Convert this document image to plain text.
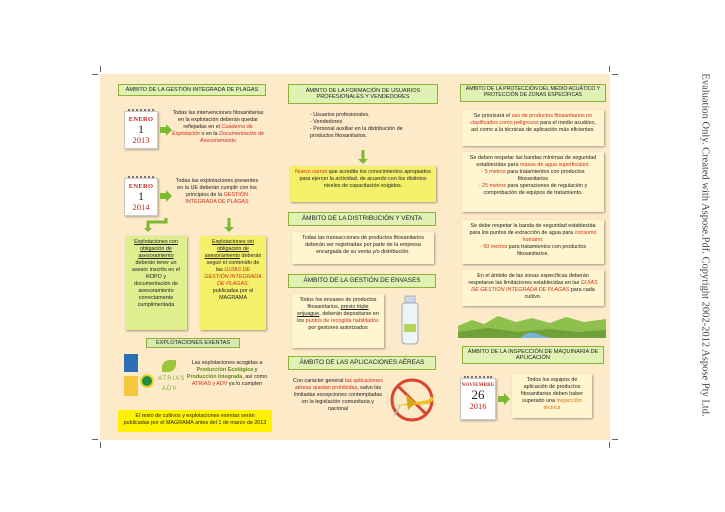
Evaluation Only. Created with Aspose.Pdf. Copyright 2002-2012 Aspose Pty Ltd.
ÁMBITO DE LA GESTIÓN INTEGRADA DE PLAGAS
ENERO
1
2013
Todas las intervenciones fitosanitarias en la explotación deberán quedar reflejadas en el Cuaderno de Explotación o en la Documentación de Asesoramiento
ENERO
1
2014
Todas las explotaciones presentes en la UE deberán cumplir con los principios de la GESTIÓN INTEGRADA DE PLAGAS
Explotaciones con obligación de asesoramiento deberán tener un asesor inscrito en el ROPO y documentación de asesoramiento correctamente cumplimentada
Explotaciones sin obligación de asesoramiento deberán seguir el contenido de las GUÍAS DE GESTIÓN INTEGRADA DE PLAGAS, publicadas por el MAGRAMA
EXPLOTACIONES EXENTAS
ATRIAS
ADV
Las explotaciones acogidas a Producción Ecológica y Producción Integrada, así como ATRIAS y ADV ya lo cumplen
El resto de cultivos y explotaciones exentas serán publicadas por el MAGRAMA antes del 1 de marzo de 2013
ÁMBITO DE LA FORMACIÓN DE USUARIOS PROFESIONALES Y VENDEDORES
- Usuarios profesionales.
- Vendedores
- Personal auxiliar en la distribución de productos fitosanitarios.
Nuevo carnet que acredite los conocimientos apropiados para ejercer la actividad, de acuerdo con los distintos niveles de capacitación exigidos.
ÁMBITO DE LA DISTRIBUCIÓN Y VENTA
Todas las transacciones de productos fitosanitarios deberán ser registradas por parte de la empresa encargada de su venta y/o distribución.
ÁMBITO DE LA GESTIÓN DE ENVASES
Todos los envases de productos fitosanitarios, previo triple enjuague, deberán depositarse en los puntos de recogida habilitados por gestores autorizados
ÁMBITO DE LAS APLICACIONES AÉREAS
Con carácter general las aplicaciones aéreas quedan prohibidas, salvo las limitadas excepciones contempladas en la legislación comunitaria y nacional
ÁMBITO DE LA PROTECCIÓN DEL MEDIO ACUÁTICO Y PROTECCIÓN DE ZONAS ESPECÍFICAS
Se priorizará el uso de productos fitosanitarios no clasificados como peligrosos para el medio acuático, así como a la técnicas de aplicación más eficientes.
Se deben respetar las bandas mínimas de seguridad establecidas para masas de agua superficiales:
- 5 metros para tratamientos con productos fitosanitarios
- 25 metros para operaciones de regulación y comprobación de equipos de tratamiento.
Se debe respetar la banda de seguridad establecida para los puntos de extracción de agua para consumo humano:
- 50 metros para tratamientos con productos fitosanitarios.
En el ámbito de las zonas específicas deberán respetarse las limitaciones establecidas en las GUÍAS DE GESTIÓN INTEGRADA DE PLAGAS para cada cultivo.
ÁMBITO DE LA INSPECCIÓN DE MAQUINARIA DE APLICACIÓN
NOVIEMBRE
26
2016
Todos los equipos de aplicación de productos fitosanitarios deben haber superado una inspección técnica
